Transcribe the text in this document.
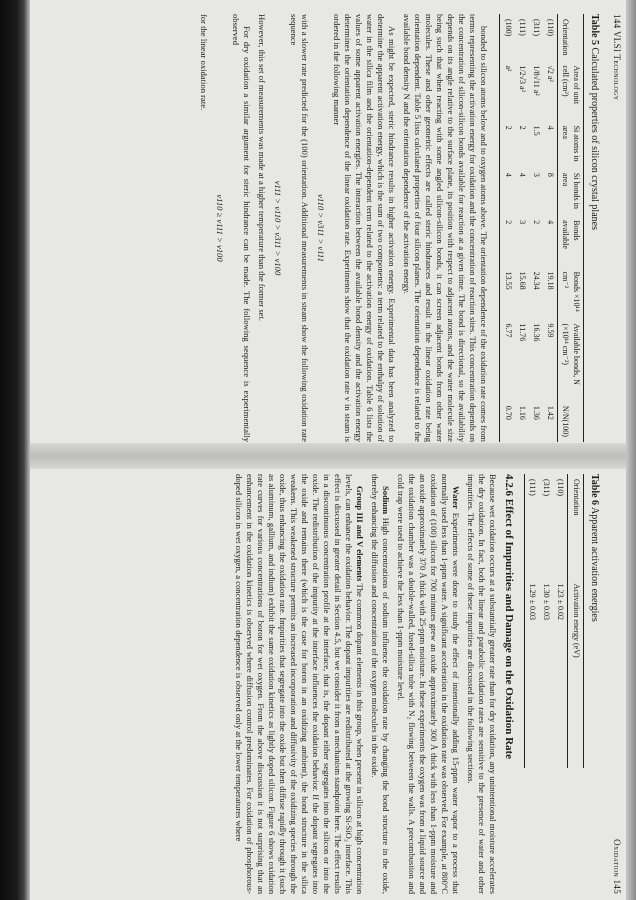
144 VLSI Technology
Table 5 Calculated properties of silicon crystal planes
Orientation	Area of unit cell (cm²)	Si atoms in area	Si bonds in area	Bonds available	Bonds ×10¹⁴ cm⁻²	Available bonds, N (×10¹⁴ cm⁻²)	N/N(100)
(110)	√2 a²	4	8	4	19.18	9.59	1.42
(311)	1/8√11 a²	1.5	3	2	24.34	16.36	1.36
(111)	1/2√3 a²	2	4	3	15.68	11.76	1.16
(100)	a²	2	4	2	13.55	6.77	0.70

bonded to silicon atoms below and to oxygen atoms above. The orientation dependence of the oxidation rate comes from terms representing the activation energy for oxidation and the concentration of reaction sites. This concentration depends on the concentration of silicon-silicon bonds available for reaction at a given time. The bond is directional, so the availability depends on its angle relative to the surface plane, its position with respect to adjacent atoms, and the water molecule size being such that when reacting with some angled silicon-silicon bonds, it can screen adjacent bonds from other water molecules. These and other geometric effects are called steric hindrances and result in the linear oxidation rate being orientation dependent. Table 5 lists calculated properties of four silicon planes. The orientation dependence is related to the available bond density N and the orientation dependence of the activation energy.

As might be expected, steric hindrance results in higher activation energy. Experimental data has been analyzed to determine the apparent activation energy, which is the sum of two components: a term related to the enthalpy of solution of water in the silica film and the orientation-dependent term related to the activation energy of oxidation. Table 6 lists the values of some apparent activation energies. The interaction between the available bond density and the activation energy determines the orientation dependence of the linear oxidation rate. Experiments show that the oxidation rate v in steam is ordered in the following manner

v110 > v311 > v111

with a slower rate predicted for the (100) orientation. Additional measurements in steam show the following oxidation rate sequence

v111 > v110 > v311 > v100

However, this set of measurements was made at a higher temperature than the former set.

For dry oxidation a similar argument for steric hindrance can be made. The following sequence is experimentally observed

v110 ≥ v111 > v100

for the linear oxidation rate.

Oxidation 145
Table 6 Apparent activation energies
Orientation	Activation energy (eV)
(110)	1.23 ± 0.02
(311)	1.30 ± 0.03
(111)	1.29 ± 0.03
4.2.6 Effect of Impurities and Damage on the Oxidation Rate

Because wet oxidation occurs at a substantially greater rate than for dry oxidation, any unintentional moisture accelerates the dry oxidation. In fact, both the linear and parabolic oxidation rates are sensitive to the presence of water and other impurities. The effects of some of these impurities are discussed in the following sections.

Water Experiments were done to study the effect of intentionally adding 15-ppm water vapor to a process that normally used less than 1-ppm water. A significant acceleration in the oxidation rate was observed. For example, at 800°C oxidation of (100) silicon for 700 minutes grew an oxide approximately 300 Å thick with less than 1-ppm moisture and an oxide approximately 370 Å thick with 25-ppm moisture. In these experiments the oxygen was from a liquid source and the oxidation chamber was a double-walled, fused-silica tube with N₂ flowing between the walls. A precombustion and cold trap were used to achieve the less than 1-ppm moisture level.

Sodium High concentrations of sodium influence the oxidation rate by changing the bond structure in the oxide, thereby enhancing the diffusion and concentration of the oxygen molecules in the oxide.

Group III and V elements The common dopant elements in this group, when present in silicon at high concentration levels, can enhance the oxidation behavior. The dopant impurities are redistributed at the growing Si-SiO₂ interface. This effect is discussed in greater detail in Section 4.5, but we consider it from a mechanism standpoint here. The effect results in a discontinuous concentration profile at the interface, that is, the dopant either segregates into the silicon or into the oxide. The redistribution of the impurity at the interface influences the oxidation behavior. If the dopant segregates into the oxide and remains there (which is the case for boron in an oxidizing ambient), the bond structure in the silica weakens. This weakened structure permits an increased incorporation and diffusivity of the oxidizing species through the oxide, thus enhancing the oxidation rate. Impurities that segregate into the oxide but then diffuse rapidly through it (such as aluminum, gallium, and indium) exhibit the same oxidation kinetics as lightly doped silicon. Figure 6 shows oxidation rate curves for various concentrations of boron for wet oxygen. From the above discussion it is not surprising that an enhancement in the oxidation kinetics is observed where diffusion control predominates. For oxidation of phosphorous-doped silicon in wet oxygen, a concentration dependence is observed only at the lower temperatures where
